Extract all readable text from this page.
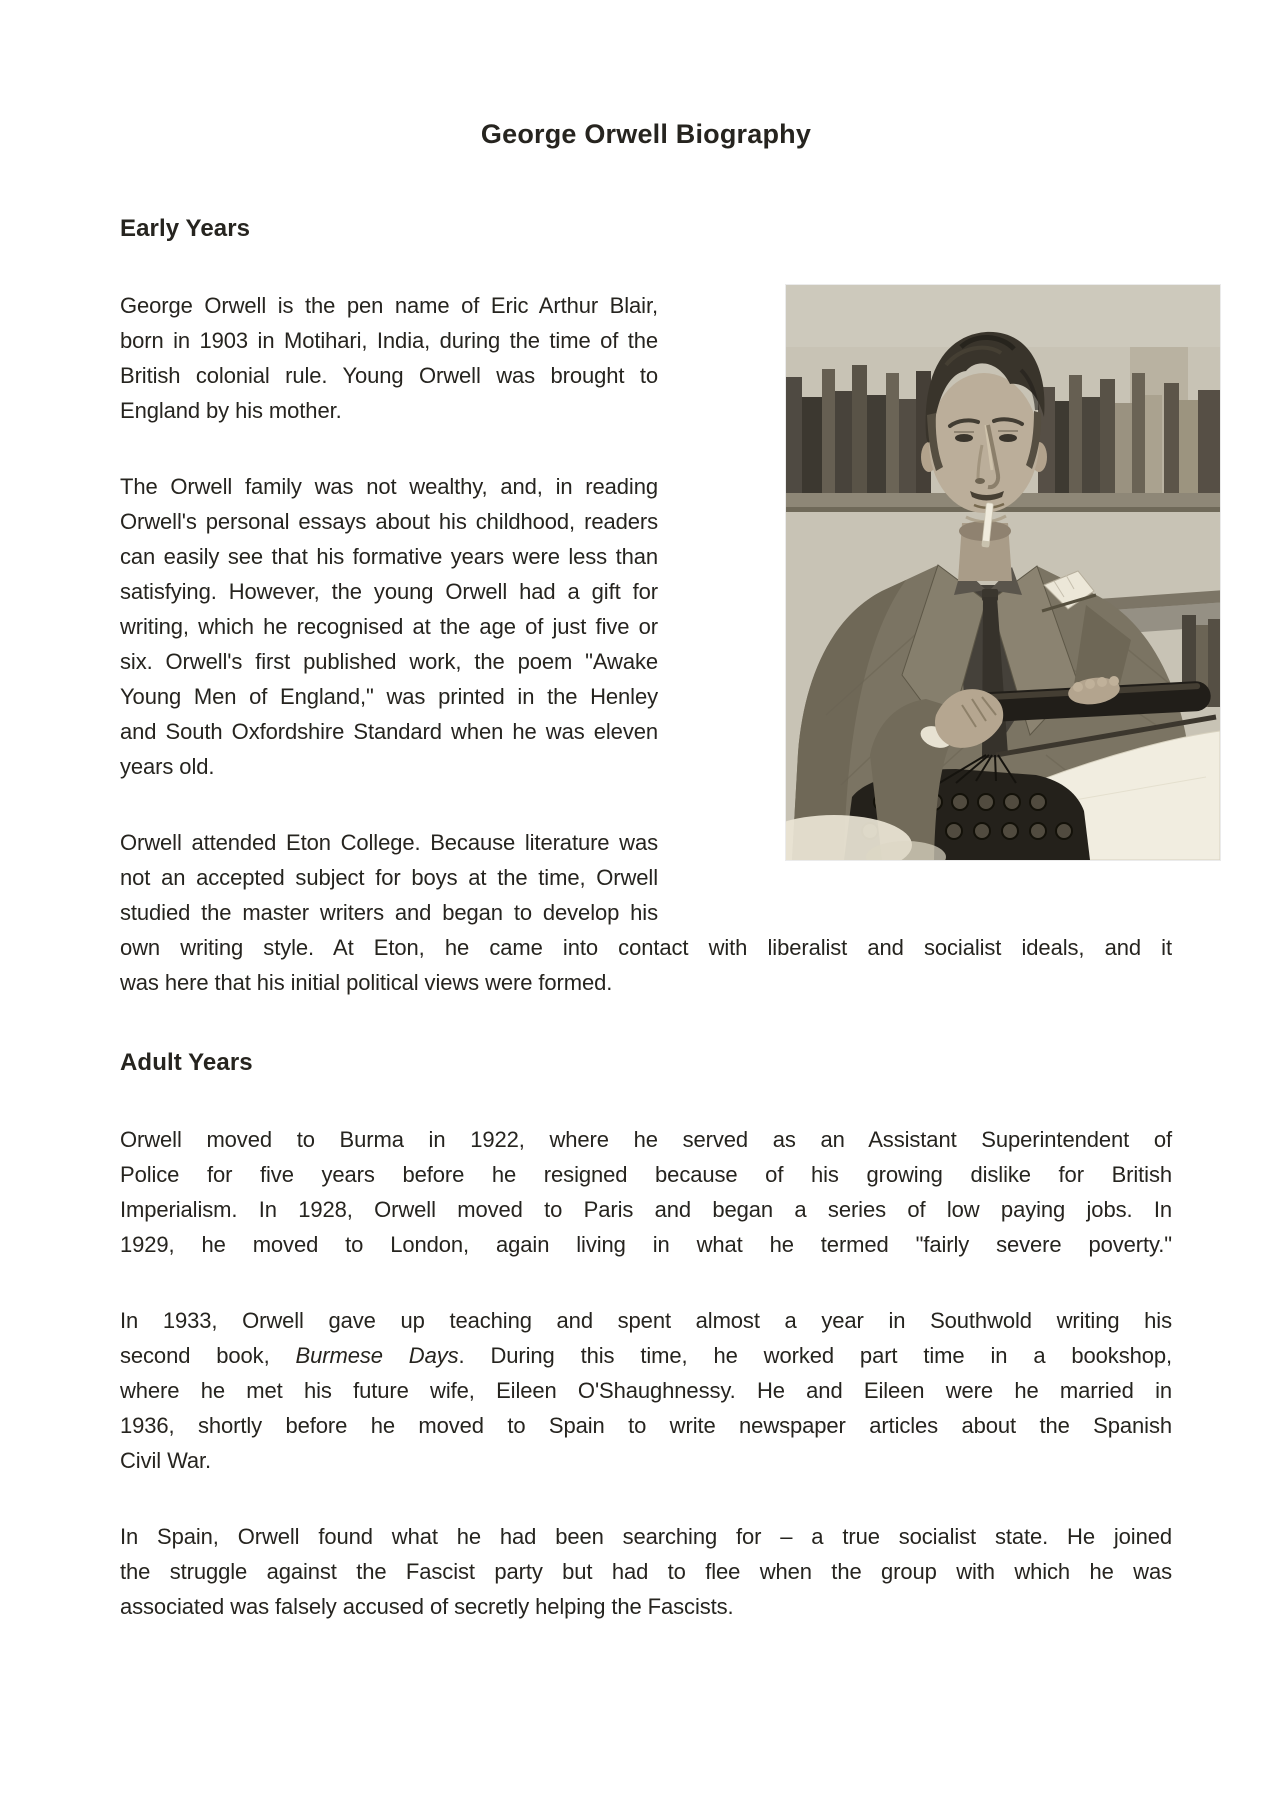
George Orwell Biography
Early Years
George Orwell is the pen name of Eric Arthur Blair,
born in 1903 in Motihari, India, during the time of the
British colonial rule. Young Orwell was brought to
England by his mother.
The Orwell family was not wealthy, and, in reading
Orwell's personal essays about his childhood, readers
can easily see that his formative years were less than
satisfying. However, the young Orwell had a gift for
writing, which he recognised at the age of just five or
six. Orwell's first published work, the poem "Awake
Young Men of England," was printed in the Henley
and South Oxfordshire Standard when he was eleven
years old.
Orwell attended Eton College. Because literature was
not an accepted subject for boys at the time, Orwell
studied the master writers and began to develop his
own writing style. At Eton, he came into contact with liberalist and socialist ideals, and it
was here that his initial political views were formed.
Adult Years
Orwell moved to Burma in 1922, where he served as an Assistant Superintendent of
Police for five years before he resigned because of his growing dislike for British
Imperialism. In 1928, Orwell moved to Paris and began a series of low paying jobs. In
1929, he moved to London, again living in what he termed "fairly severe poverty."
In 1933, Orwell gave up teaching and spent almost a year in Southwold writing his
second book, Burmese Days. During this time, he worked part time in a bookshop,
where he met his future wife, Eileen O'Shaughnessy. He and Eileen were he married in
1936, shortly before he moved to Spain to write newspaper articles about the Spanish
Civil War.
In Spain, Orwell found what he had been searching for – a true socialist state. He joined
the struggle against the Fascist party but had to flee when the group with which he was
associated was falsely accused of secretly helping the Fascists.
